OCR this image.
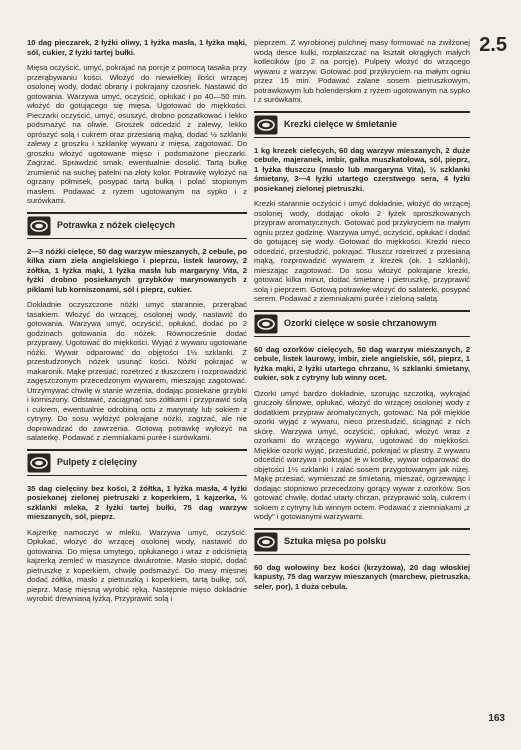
2.5

10 dag pieczarek, 2 łyżki oliwy, 1 łyżka masła, 1 łyżka mąki, sól, cukier, 2 łyżki tartej bułki.

Mięso oczyścić, umyć, pokrajać na porcje z pomocą tasaka przy przerąbywaniu kości. Włożyć do niewielkiej ilości wrzącej osolonej wody, dodać obrany i pokrajany czosnek. Nastawić do gotowania. Warzywa umyć, oczyścić, opłukać i po 40—50 min. włożyć do gotującego się mięsa. Ugotować do miękkości. Pieczarki oczyścić, umyć, osuszyć, drobno poszatkować i lekko podsmażyć na oliwie. Groszek odcedzić z zalewy, lekko oprószyć solą i cukrem oraz przesianą mąką, dodać ½ szklanki zalewy z groszku i szklankę wywaru z mięsa, zagotować. Do groszku włożyć ugotowane mięso i podsmażone pieczarki. Zagrzać. Sprawdzić smak, ewentualnie dosolić. Tartą bułkę zrumienić na suchej patelni na złoty kolor. Potrawkę wyłożyć na ogrzany półmisek, posypać tartą bułką i polać stopionym masłem. Podawać z ryżem ugotowanym na sypko i z surówkami.

Potrawka z nóżek cielęcych

2—3 nóżki cielęce, 50 dag warzyw mieszanych, 2 cebule, po kilka ziarn ziela angielskiego i pieprzu, listek laurowy, 2 żółtka, 1 łyżka mąki, 1 łyżka masła lub margaryny Vita, 2 łyżki drobno posiekanych grzybków marynowanych z piklami lub korniszonami, sól i pieprz, cukier.

Dokładnie oczyszczone nóżki umyć starannie, przerąbać tasakiem. Włożyć do wrzącej, osolonej wody, nastawić do gotowania. Warzywa umyć, oczyścić, opłukać, dodać po 2 godzinach gotowania do nóżek. Równocześnie dodać przyprawy. Ugotować do miękkości. Wyjąć z wywaru ugotowane nóżki. Wywar odparować do objętości 1½ szklanki. Z przestudzonych nóżek usunąć kości. Nóżki pokrajać w makaronik. Mąkę przesiać, rozetrzeć z tłuszczem i rozprowadzić zagęszczonym przecedzonym wywarem, mieszając zagotować. Utrzymywać chwilę w stanie wrzenia, dodając posiekane grzybki i korniszony. Odstawić, zaciągnąć sos żółtkami i przyprawić solą i cukrem, ewentualnie odrobiną octu z marynaty lub sokiem z cytryny. Do sosu wyłożyć pokrajane nóżki, zagrzać, ale nie doprowadzać do zawrzenia. Gotową potrawkę wyłożyć na salaterkę. Podawać z ziemniakami purée i surówkami.

Pulpety z cielęciny

35 dag cielęciny bez kości, 2 żółtka, 1 łyżka masła, 4 łyżki posiekanej zielonej pietruszki z koperkiem, 1 kajzerka, ½ szklanki mleka, 2 łyżki tartej bułki, 75 dag warzyw mieszanych, sól, pieprz.

Kajzerkę namoczyć w mleku. Warzywa umyć, oczyścić. Opłukać, włożyć do wrzącej osolonej wody, nastawić do gotowania. Do mięsa umytego, opłukanego i wraz z odciśniętą kajzerką zemleć w maszynce dwukrotnie. Masło stopić, dodać pietruszkę z koperkiem, chwilę podsmażyć. Do masy mięsnej dodać żółtka, masło z pietruszką i koperkiem, tartą bułkę, sól, pieprz. Masę mięsną wyrobić ręką. Następnie mięso dokładnie wyrobić drewnianą łyżką. Przyprawić solą i

pieprzem. Z wyrobionej pulchnej masy formować na zwilżonej wodą desce kulki, rozpłaszczać na kształt okrągłych małych kotlecików (po 2 na porcję). Pulpety włożyć do wrzącego wywaru z warzyw. Gotować pod przykryciem na małym ogniu przez 15 min. Podawać zalane sosem pietruszkowym, potrawkowym lub holenderskim z ryżem ugotowanym na sypko i z surówkami.

Krezki cielęce w śmietanie

1 kg krezek cielęcych, 60 dag warzyw mieszanych, 2 duże cebule, majeranek, imbir, gałka muszkatołowa, sól, pieprz, 1 łyżka tłuszczu (masło lub margaryna Vita), ½ szklanki śmietany, 3—4 łyżki utartego czerstwego sera, 4 łyżki posiekanej zielonej pietruszki.

Krezki starannie oczyścić i umyć dokładnie, włożyć do wrzącej osolonej wody, dodając około 2 łyżek sproszkowanych przypraw aromatycznych. Gotować pod przykryciem na małym ogniu przez godzinę. Warzywa umyć, oczyścić, opłukać i dodać do gotującej się wody. Gotować do miękkości. Krezki nieco odcedzić, przestudzić, pokrajać. Tłuszcz rozetrzeć z przesianą mąką, rozprowadzić wywarem z krezek (ok. 1 szklanki), mieszając zagotować. Do sosu włożyć pokrajane krezki, gotować kilka minut, dodać śmietanę i pietruszkę, przyprawić solą i pieprzem. Gotową potrawkę włożyć do salaterki, posypać serem. Podawać z ziemniakami purée i zieloną sałatą.

Ozorki cielęce w sosie chrzanowym

60 dag ozorków cielęcych, 50 dag warzyw mieszanych, 2 cebule, listek laurowy, imbir, ziele angielskie, sól, pieprz, 1 łyżka mąki, 2 łyżki utartego chrzanu, ½ szklanki śmietany, cukier, sok z cytryny lub winny ocet.

Ozorki umyć bardzo dokładnie, szorując szczotką, wykrajać gruczoły ślinowe, opłukać, włożyć do wrzącej osolonej wody z dodatkiem przypraw aromatycznych, gotować. Na pół miękkie ozorki wyjąć z wywaru, nieco przestudzić, ściągnąć z nich skórę. Warzywa umyć, oczyścić, opłukać, włożyć wraz z ozorkami do wrzącego wywaru, ugotować do miękkości. Miękkie ozorki wyjąć, przestudzić, pokrajać w plastry. Z wywaru odcedzić warzywa i pokrajać je w kostkę, wywar odparować do objętości 1½ szklanki i zalać sosem przygotowanym jak niżej. Mąkę przesiać, wymieszać ze śmietaną, mieszać, ogrzewając i dodając stopniowo przecedzony gorący wywar z ozorków. Sos gotować chwilę, dodać utarty chrzan, przyprawić solą, cukrem i sokiem z cytryny lub winnym octem. Podawać z ziemniakami „z wody" i gotowanymi warzywami.

Sztuka mięsa po polsku

60 dag wołowiny bez kości (krzyżowa), 20 dag włoskiej kapusty, 75 dag warzyw mieszanych (marchew, pietruszka, seler, por), 1 duża cebula.

163
